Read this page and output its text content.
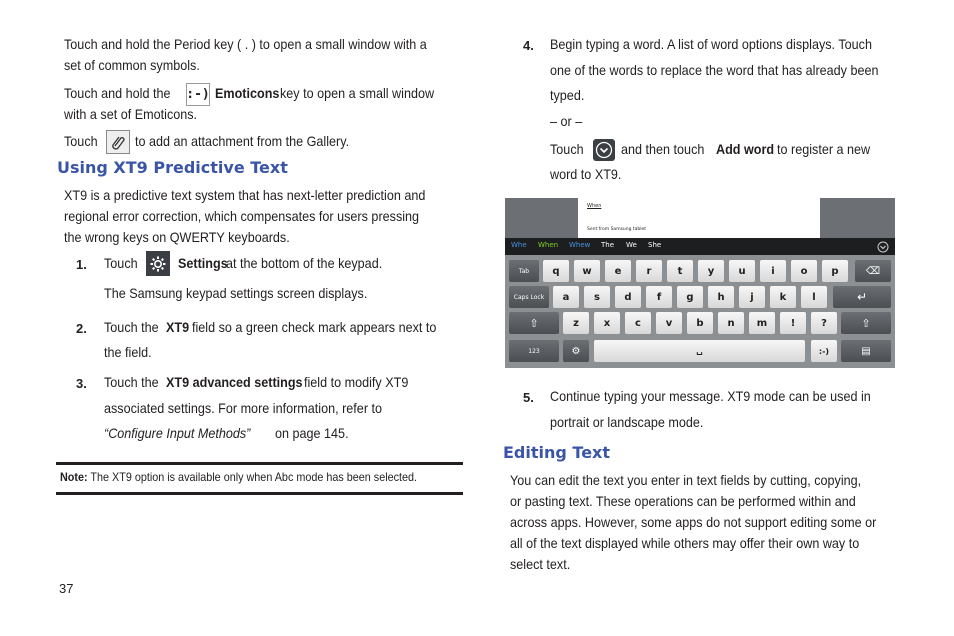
Touch and hold the Period key ( . ) to open a small window with a
set of common symbols.
Touch and hold the :-) Emoticons key to open a small window
with a set of Emoticons.
Touch	to add an attachment from the Gallery.
Using XT9 Predictive Text
XT9 is a predictive text system that has next-letter prediction and
regional error correction, which compensates for users pressing
the wrong keys on QWERTY keyboards.
1. Touch	Settings
at the bottom of the keypad.
The Samsung keypad settings screen displays.
2. Touch the XT9 field so a green check mark appears next to
the field.
3. Touch the XT9 advanced settings field to modify XT9
associated settings. For more information, refer to
“Configure Input Methods” on page 145.
Note: The XT9 option is available only when Abc mode has been selected.
37
4. Begin typing a word. A list of word options displays. Touch
one of the words to replace the word that has already been
typed.
– or –
Touch	and then touch Add word to register a new
word to XT9.
When
Sent from Samsung tablet
Whe When Whew The We She
Tab	q	w	e	r	t	y	u	i	o	p	⌫
Caps Lock	a	s	d	f	g	h	j	k	l	↵
⇧	z	x	c	v	b	n	m	!	?	⇧
123	⚙	␣	:-)	▤
5. Continue typing your message. XT9 mode can be used in
portrait or landscape mode.
Editing Text
You can edit the text you enter in text fields by cutting, copying,
or pasting text. These operations can be performed within and
across apps. However, some apps do not support editing some or
all of the text displayed while others may offer their own way to
select text.
